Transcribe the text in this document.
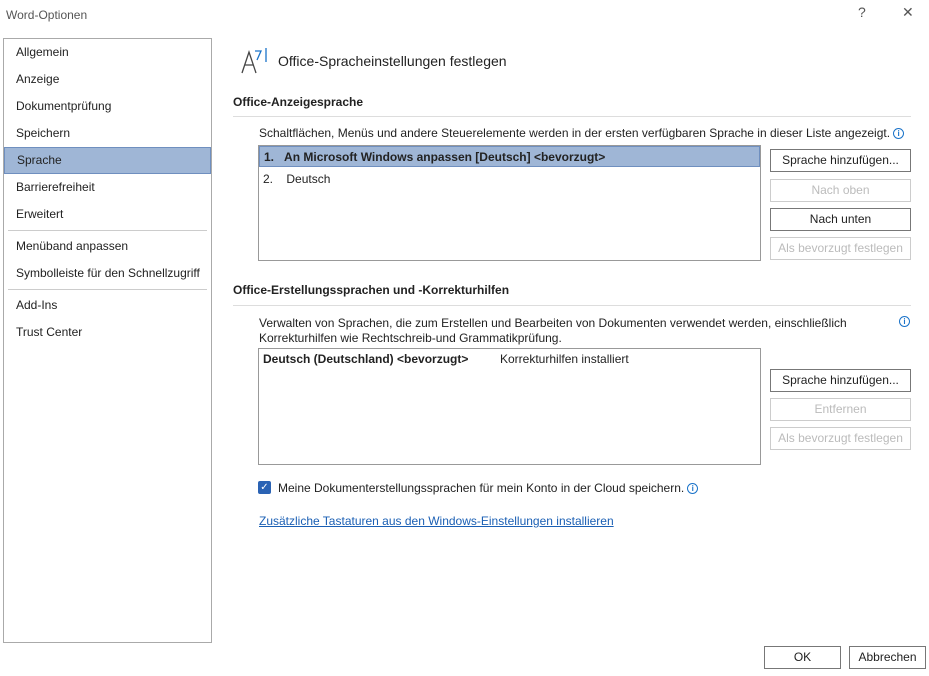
Word-Optionen	?	✕
Allgemein
Anzeige
Dokumentprüfung
Speichern
Sprache
Barrierefreiheit
Erweitert
Menüband anpassen
Symbolleiste für den Schnellzugriff
Add-Ins
Trust Center
Office-Spracheinstellungen festlegen
Office-Anzeigesprache
Schaltflächen, Menüs und andere Steuerelemente werden in der ersten verfügbaren Sprache in dieser Liste angezeigt. i
1. An Microsoft Windows anpassen [Deutsch] <bevorzugt>
2. Deutsch
Sprache hinzufügen...
Nach oben
Nach unten
Als bevorzugt festlegen
Office-Erstellungssprachen und -Korrekturhilfen
Verwalten von Sprachen, die zum Erstellen und Bearbeiten von Dokumenten verwendet werden, einschließlich Korrekturhilfen wie Rechtschreib-und Grammatikprüfung.
i
Deutsch (Deutschland) <bevorzugt>	Korrekturhilfen installiert
Sprache hinzufügen...
Entfernen
Als bevorzugt festlegen
✓ Meine Dokumenterstellungssprachen für mein Konto in der Cloud speichern. i
Zusätzliche Tastaturen aus den Windows-Einstellungen installieren
OK	Abbrechen
